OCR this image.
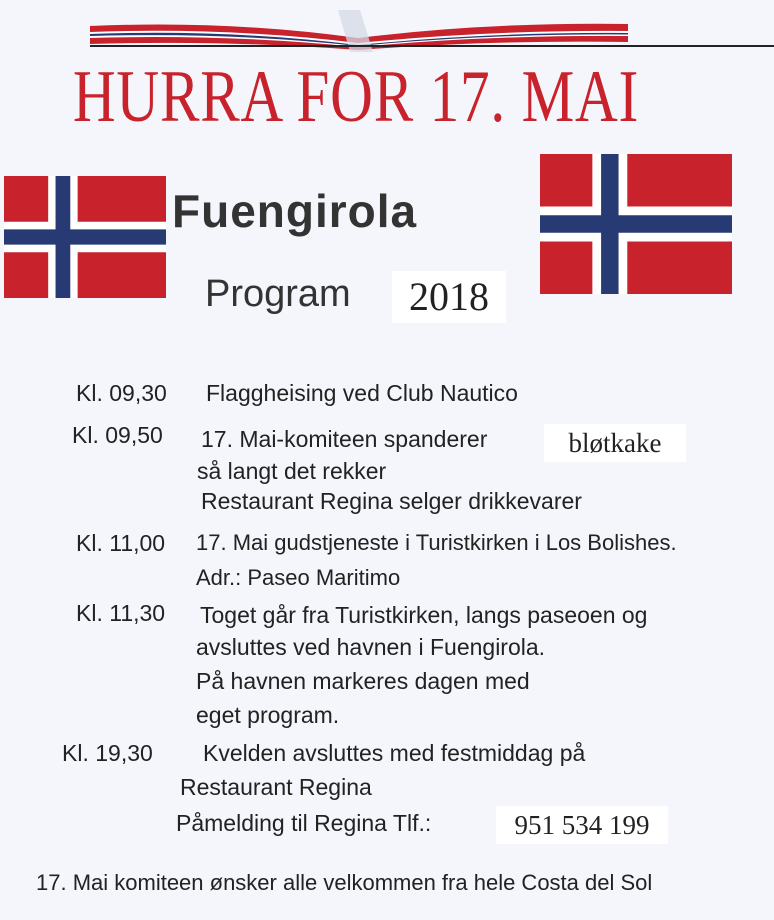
HURRA FOR 17. MAI
Fuengirola
Program	2018
Kl. 09,30 Flaggheising ved Club Nautico
Kl. 09,50 17. Mai-komiteen spanderer	bløtkake
så langt det rekker
Restaurant Regina selger drikkevarer
Kl. 11,00 17. Mai gudstjeneste i Turistkirken i Los Bolishes.
Adr.: Paseo Maritimo
Kl. 11,30 Toget går fra Turistkirken, langs paseoen og
avsluttes ved havnen i Fuengirola.
På havnen markeres dagen med
eget program.
Kl. 19,30 Kvelden avsluttes med festmiddag på
Restaurant Regina
Påmelding til Regina Tlf.:	951 534 199
17. Mai komiteen ønsker alle velkommen fra hele Costa del Sol
